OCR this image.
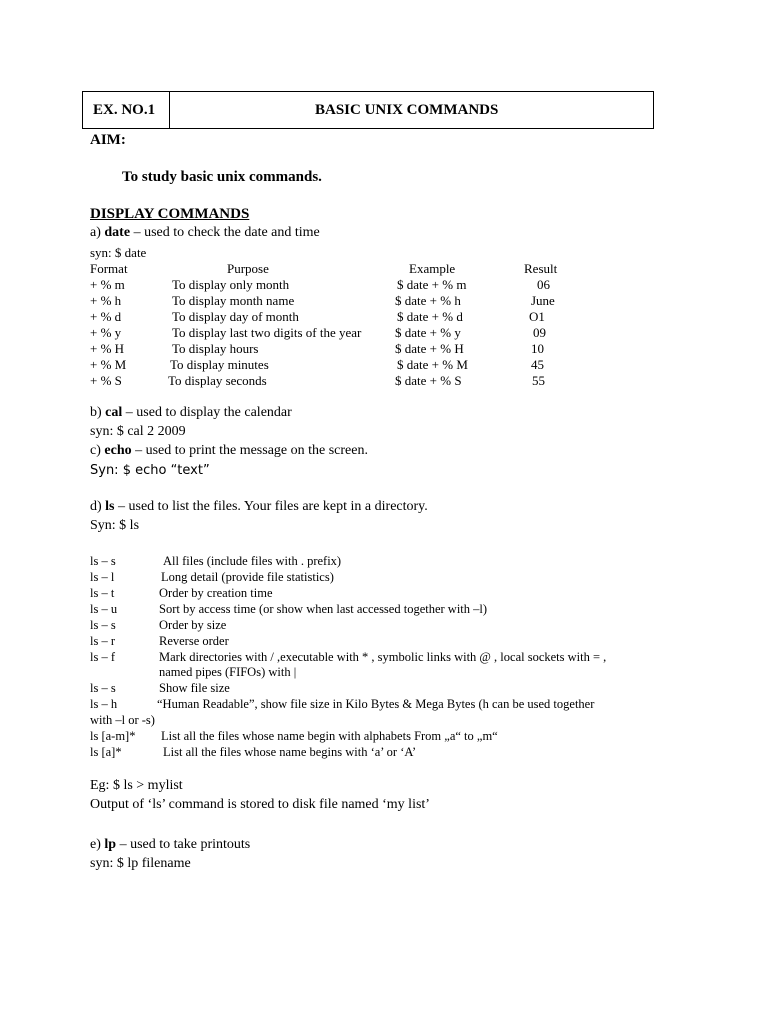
EX. NO.1	BASIC UNIX COMMANDS
AIM:
To study basic unix commands.
DISPLAY COMMANDS
a) date – used to check the date and time
syn: $ date
Format	Purpose	Example	Result
+ % m	To display only month	$ date + % m	06
+ % h	To display month name	$ date + % h	June
+ % d	To display day of month	$ date + % d	O1
+ % y	To display last two digits of the year	$ date + % y	09
+ % H	To display hours	$ date + % H	10
+ % M	To display minutes	$ date + % M	45
+ % S	To display seconds	$ date + % S	55
b) cal – used to display the calendar
syn: $ cal 2 2009
c) echo – used to print the message on the screen.
Syn: $ echo “text”
d) ls – used to list the files. Your files are kept in a directory.
Syn: $ ls
ls – s	All files (include files with . prefix)
ls – l	Long detail (provide file statistics)
ls – t	Order by creation time
ls – u	Sort by access time (or show when last accessed together with –l)
ls – s	Order by size
ls – r	Reverse order
ls – f	Mark directories with / ,executable with * , symbolic links with @ , local sockets with = ,
named pipes (FIFOs) with |
ls – s	Show file size
ls – h	“Human Readable”, show file size in Kilo Bytes & Mega Bytes (h can be used together
with –l or -s)
ls [a-m]* List all the files whose name begin with alphabets From „a“ to „m“
ls [a]*	List all the files whose name begins with ‘a’ or ‘A’
Eg: $ ls > mylist
Output of ‘ls’ command is stored to disk file named ‘my list’
e) lp – used to take printouts
syn: $ lp filename
